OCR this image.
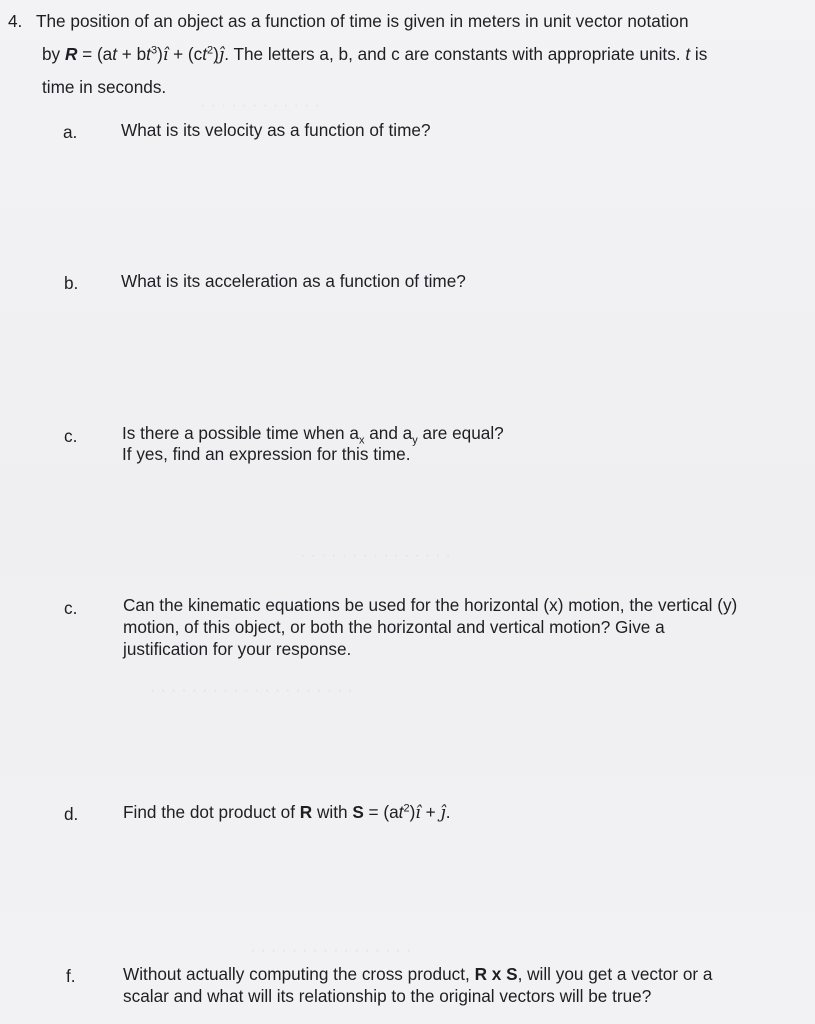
· · · · · · · · · · · ·
· · · · · · · · · · · · · · ·
· · · · · · · · · · · · · · · · · · · ·
· · · · · · · · · · · · · · · ·
4. The position of an object as a function of time is given in meters in unit vector notation
by $R = (at + bt^3)ı̂$ + $(ct^2)ĵ$. The letters a, b, and c are constants with appropriate units. t is
time in seconds.
a.	What is its velocity as a function of time?
b. What is its acceleration as a function of time?
c.	Is there a possible time when $a_x$ and $a_y$ are equal?
If yes, find an expression for this time.
c.	Can the kinematic equations be used for the horizontal (x) motion, the vertical (y)
motion, of this object, or both the horizontal and vertical motion? Give a
justification for your response.
d.	Find the dot product of R with $S = (at^2)ı̂$ + ĵ.
f.	Without actually computing the cross product, R x S, will you get a vector or a
scalar and what will its relationship to the original vectors will be true?
